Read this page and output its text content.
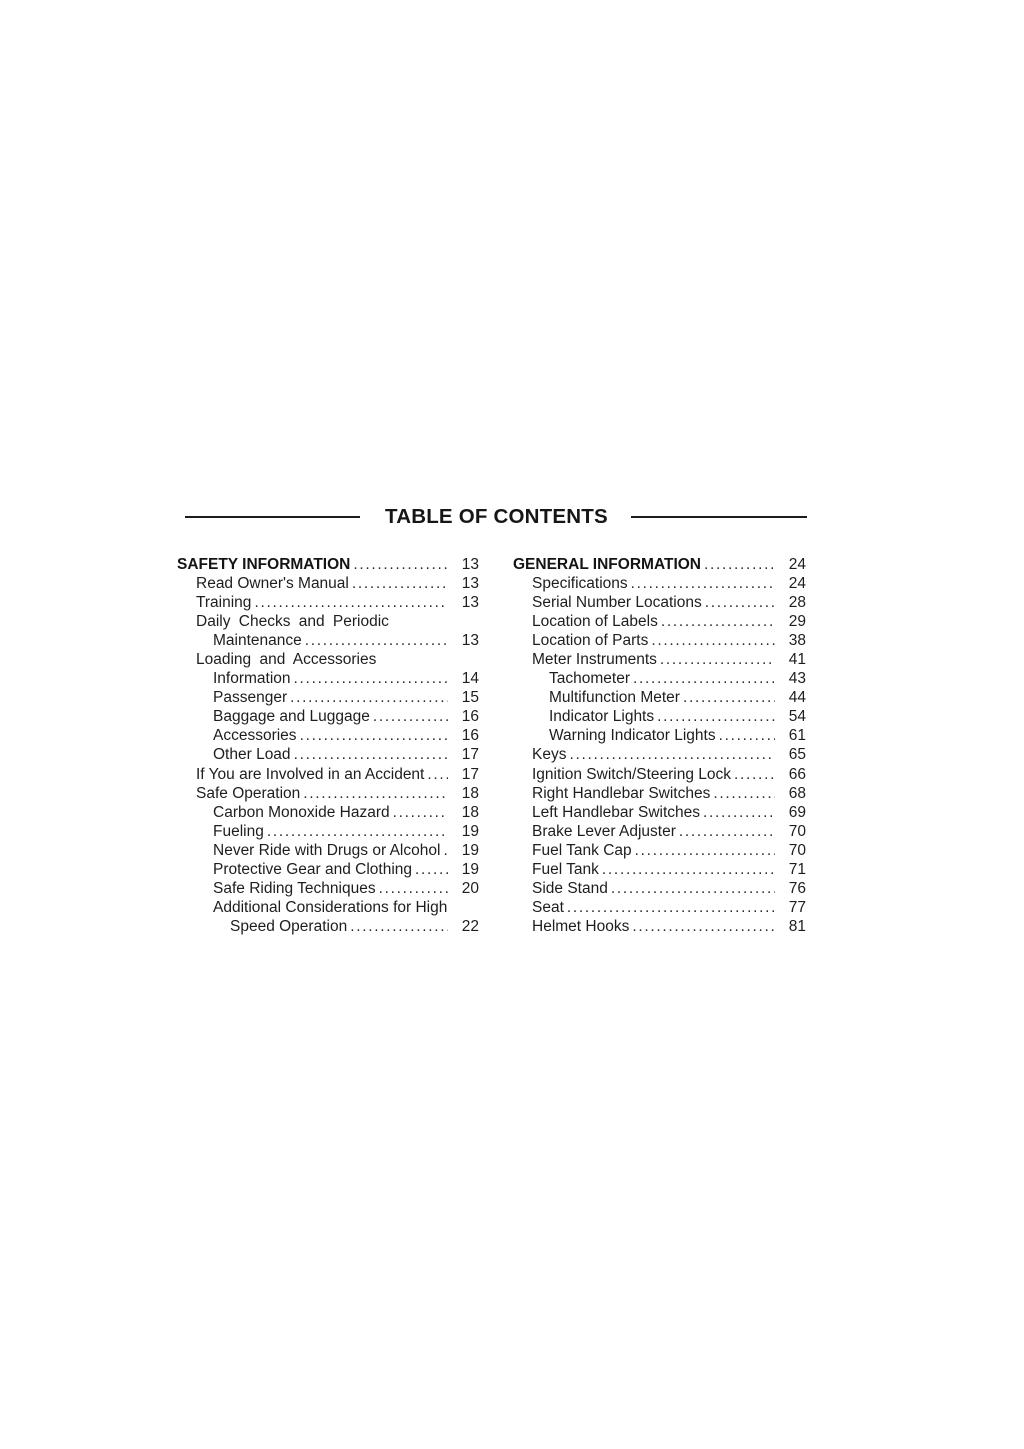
TABLE OF CONTENTS
SAFETY INFORMATION .....	13
Read Owner's Manual .....	13
Training .....	13
Daily Checks and Periodic
Maintenance .....	13
Loading and Accessories
Information .....	14
Passenger .....	15
Baggage and Luggage .....	16
Accessories .....	16
Other Load .....	17
If You are Involved in an Accident .....	17
Safe Operation .....	18
Carbon Monoxide Hazard .....	18
Fueling .....	19
Never Ride with Drugs or Alcohol .....	19
Protective Gear and Clothing .....	19
Safe Riding Techniques .....	20
Additional Considerations for High
Speed Operation .....	22
GENERAL INFORMATION .....	24
Specifications .....	24
Serial Number Locations .....	28
Location of Labels .....	29
Location of Parts .....	38
Meter Instruments .....	41
Tachometer .....	43
Multifunction Meter .....	44
Indicator Lights .....	54
Warning Indicator Lights .....	61
Keys .....	65
Ignition Switch/Steering Lock .....	66
Right Handlebar Switches .....	68
Left Handlebar Switches .....	69
Brake Lever Adjuster .....	70
Fuel Tank Cap .....	70
Fuel Tank .....	71
Side Stand .....	76
Seat .....	77
Helmet Hooks .....	81
